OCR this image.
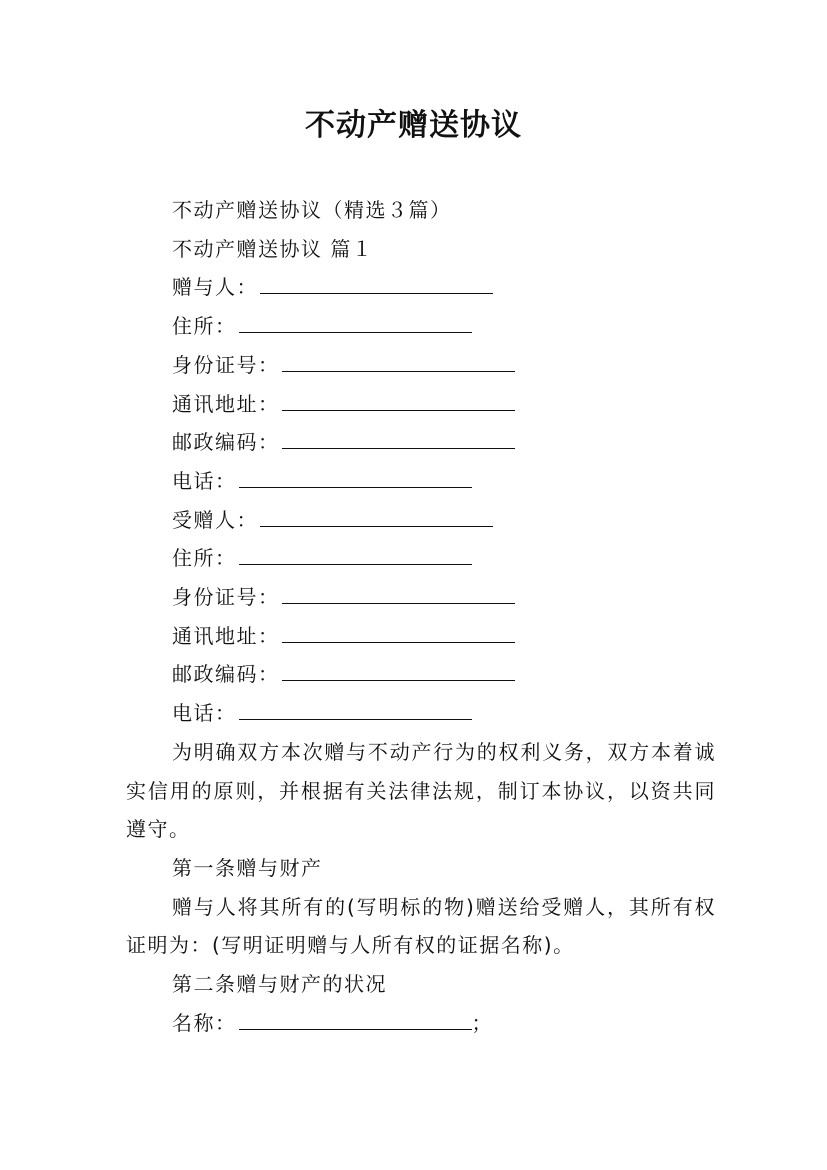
不动产赠送协议
不动产赠送协议（精选３篇）
不动产赠送协议 篇１
赠与人：
住所：
身份证号：
通讯地址：
邮政编码：
电话：
受赠人：
住所：
身份证号：
通讯地址：
邮政编码：
电话：
为明确双方本次赠与不动产行为的权利义务，双方本着诚实信用的原则，并根据有关法律法规，制订本协议，以资共同遵守。
第一条赠与财产
赠与人将其所有的(写明标的物)赠送给受赠人，其所有权证明为：(写明证明赠与人所有权的证据名称)。
第二条赠与财产的状况
名称：	；
